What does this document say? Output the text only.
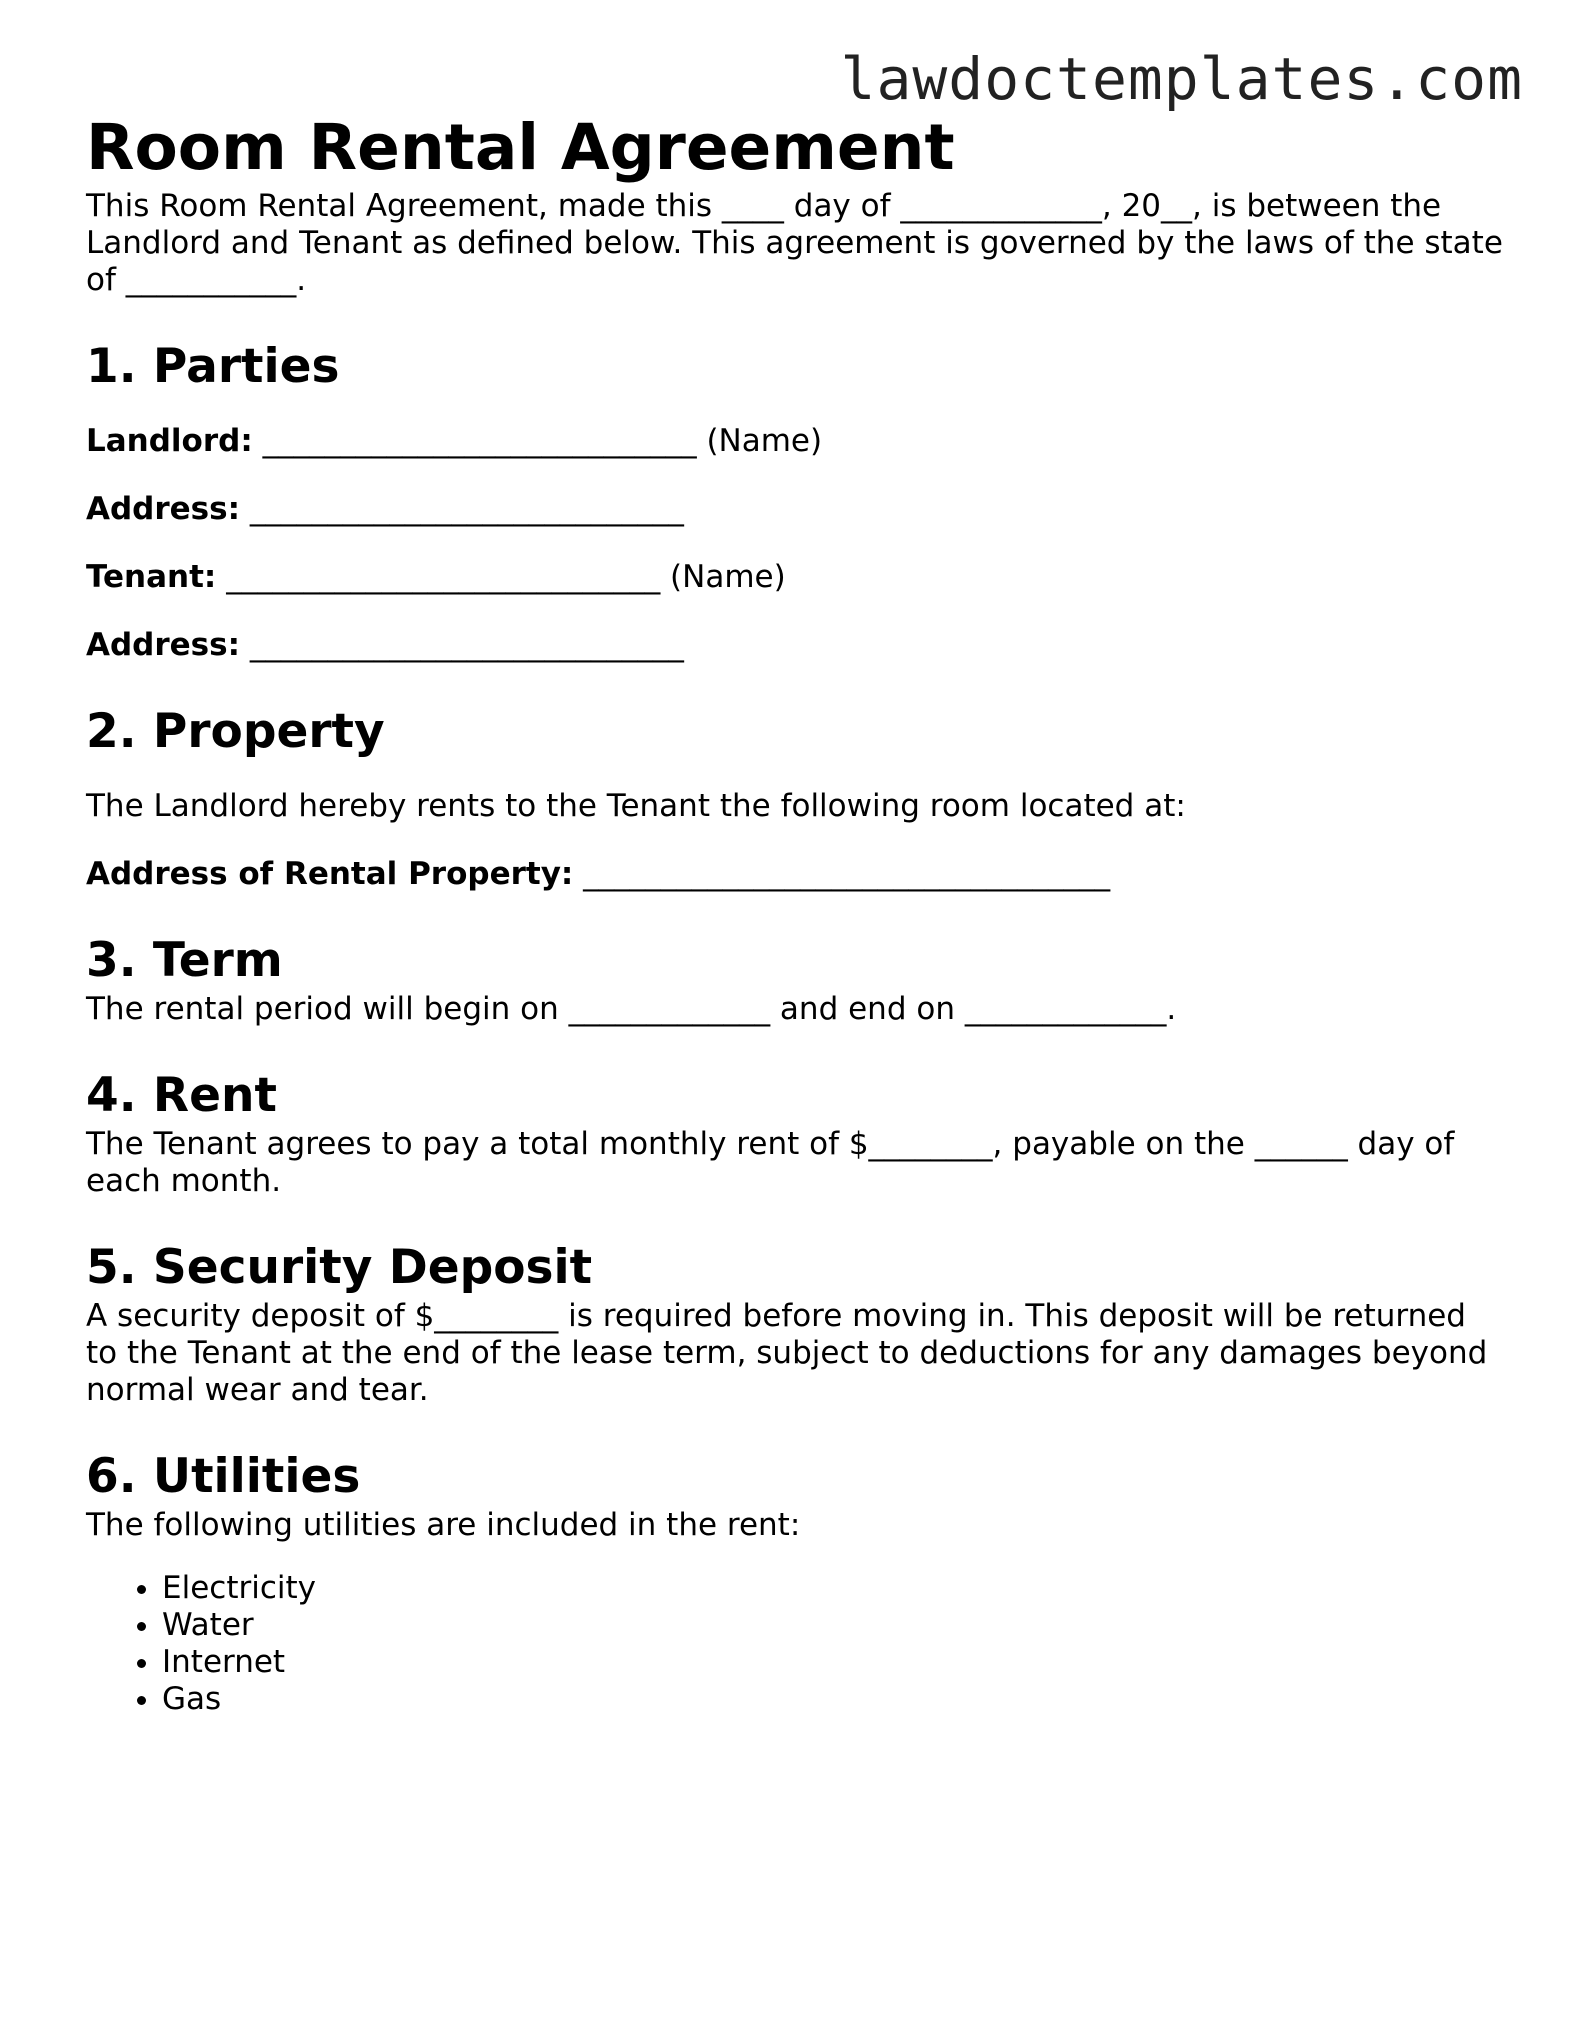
lawdoctemplates.com
Room Rental Agreement

This Room Rental Agreement, made this ____ day of _____________, 20__, is between the Landlord and Tenant as defined below. This agreement is governed by the laws of the state of ___________.

1. Parties
Landlord: ____________________________ (Name)
Address: ____________________________
Tenant: ____________________________ (Name)
Address: ____________________________
2. Property
The Landlord hereby rents to the Tenant the following room located at:
Address of Rental Property: __________________________________
3. Term

The rental period will begin on _____________ and end on _____________.

4. Rent

The Tenant agrees to pay a total monthly rent of $________, payable on the ______ day of each month.

5. Security Deposit

A security deposit of $________ is required before moving in. This deposit will be returned to the Tenant at the end of the lease term, subject to deductions for any damages beyond normal wear and tear.

6. Utilities

The following utilities are included in the rent:

• Electricity
• Water
• Internet
• Gas
